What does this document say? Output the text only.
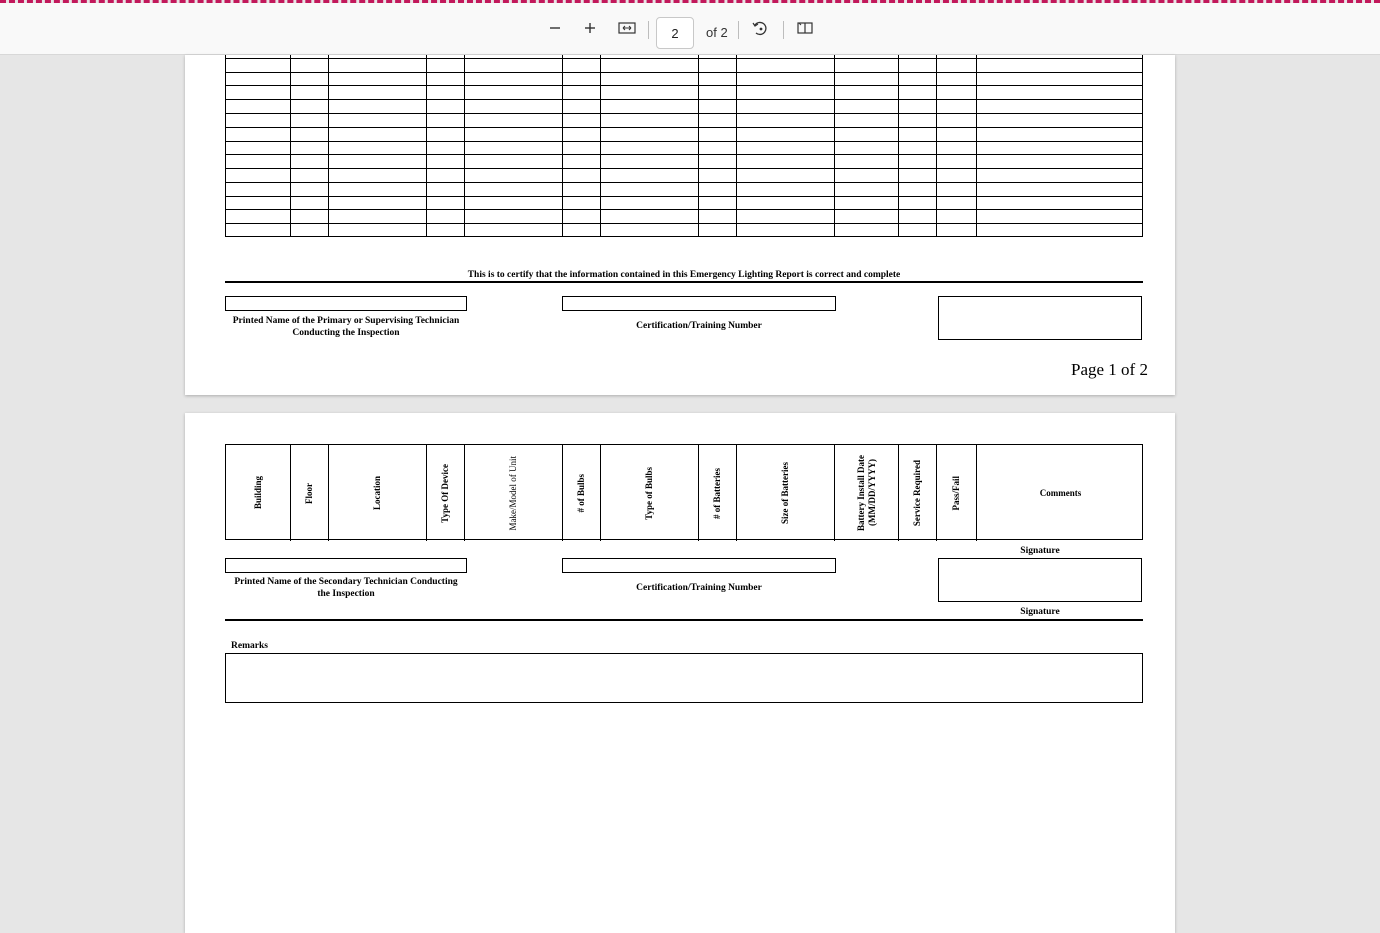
2
of 2
This is to certify that the information contained in this Emergency Lighting Report is correct and complete
Printed Name of the Primary or Supervising Technician
Conducting the Inspection
Certification/Training Number
Page 1 of 2
Building	Floor	Location	Type Of Device	Make/Model of Unit	# of Bulbs	Type of Bulbs	# of Batteries	Size of Batteries	Battery Install Date (MM/DD/YYYY)	Service Required	Pass/Fail	Comments
Signature
Printed Name of the Secondary Technician Conducting
the Inspection
Certification/Training Number
Signature
Remarks
